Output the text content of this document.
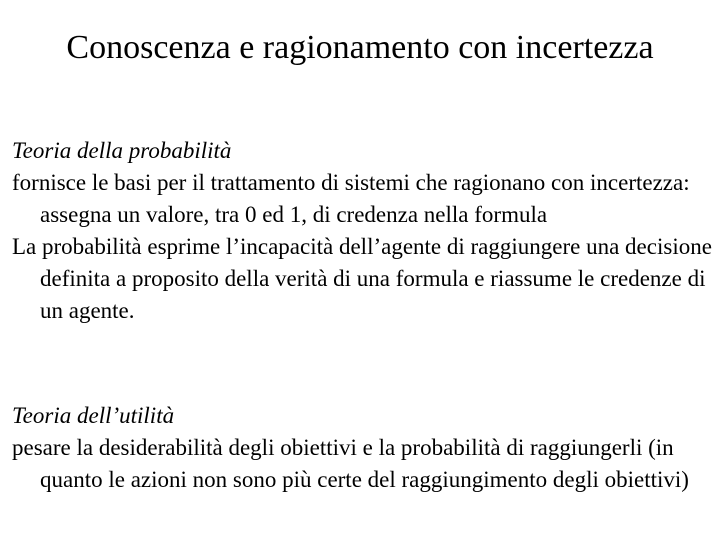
Conoscenza e ragionamento con incertezza
Teoria della probabilità
fornisce le basi per il trattamento di sistemi che ragionano con incertezza: assegna un valore, tra 0 ed 1, di credenza nella formula
La probabilità esprime l’incapacità dell’agente di raggiungere una decisione definita a proposito della verità di una formula e riassume le credenze di un agente.
Teoria dell’utilità
pesare la desiderabilità degli obiettivi e la probabilità di raggiungerli (in quanto le azioni non sono più certe del raggiungimento degli obiettivi)
